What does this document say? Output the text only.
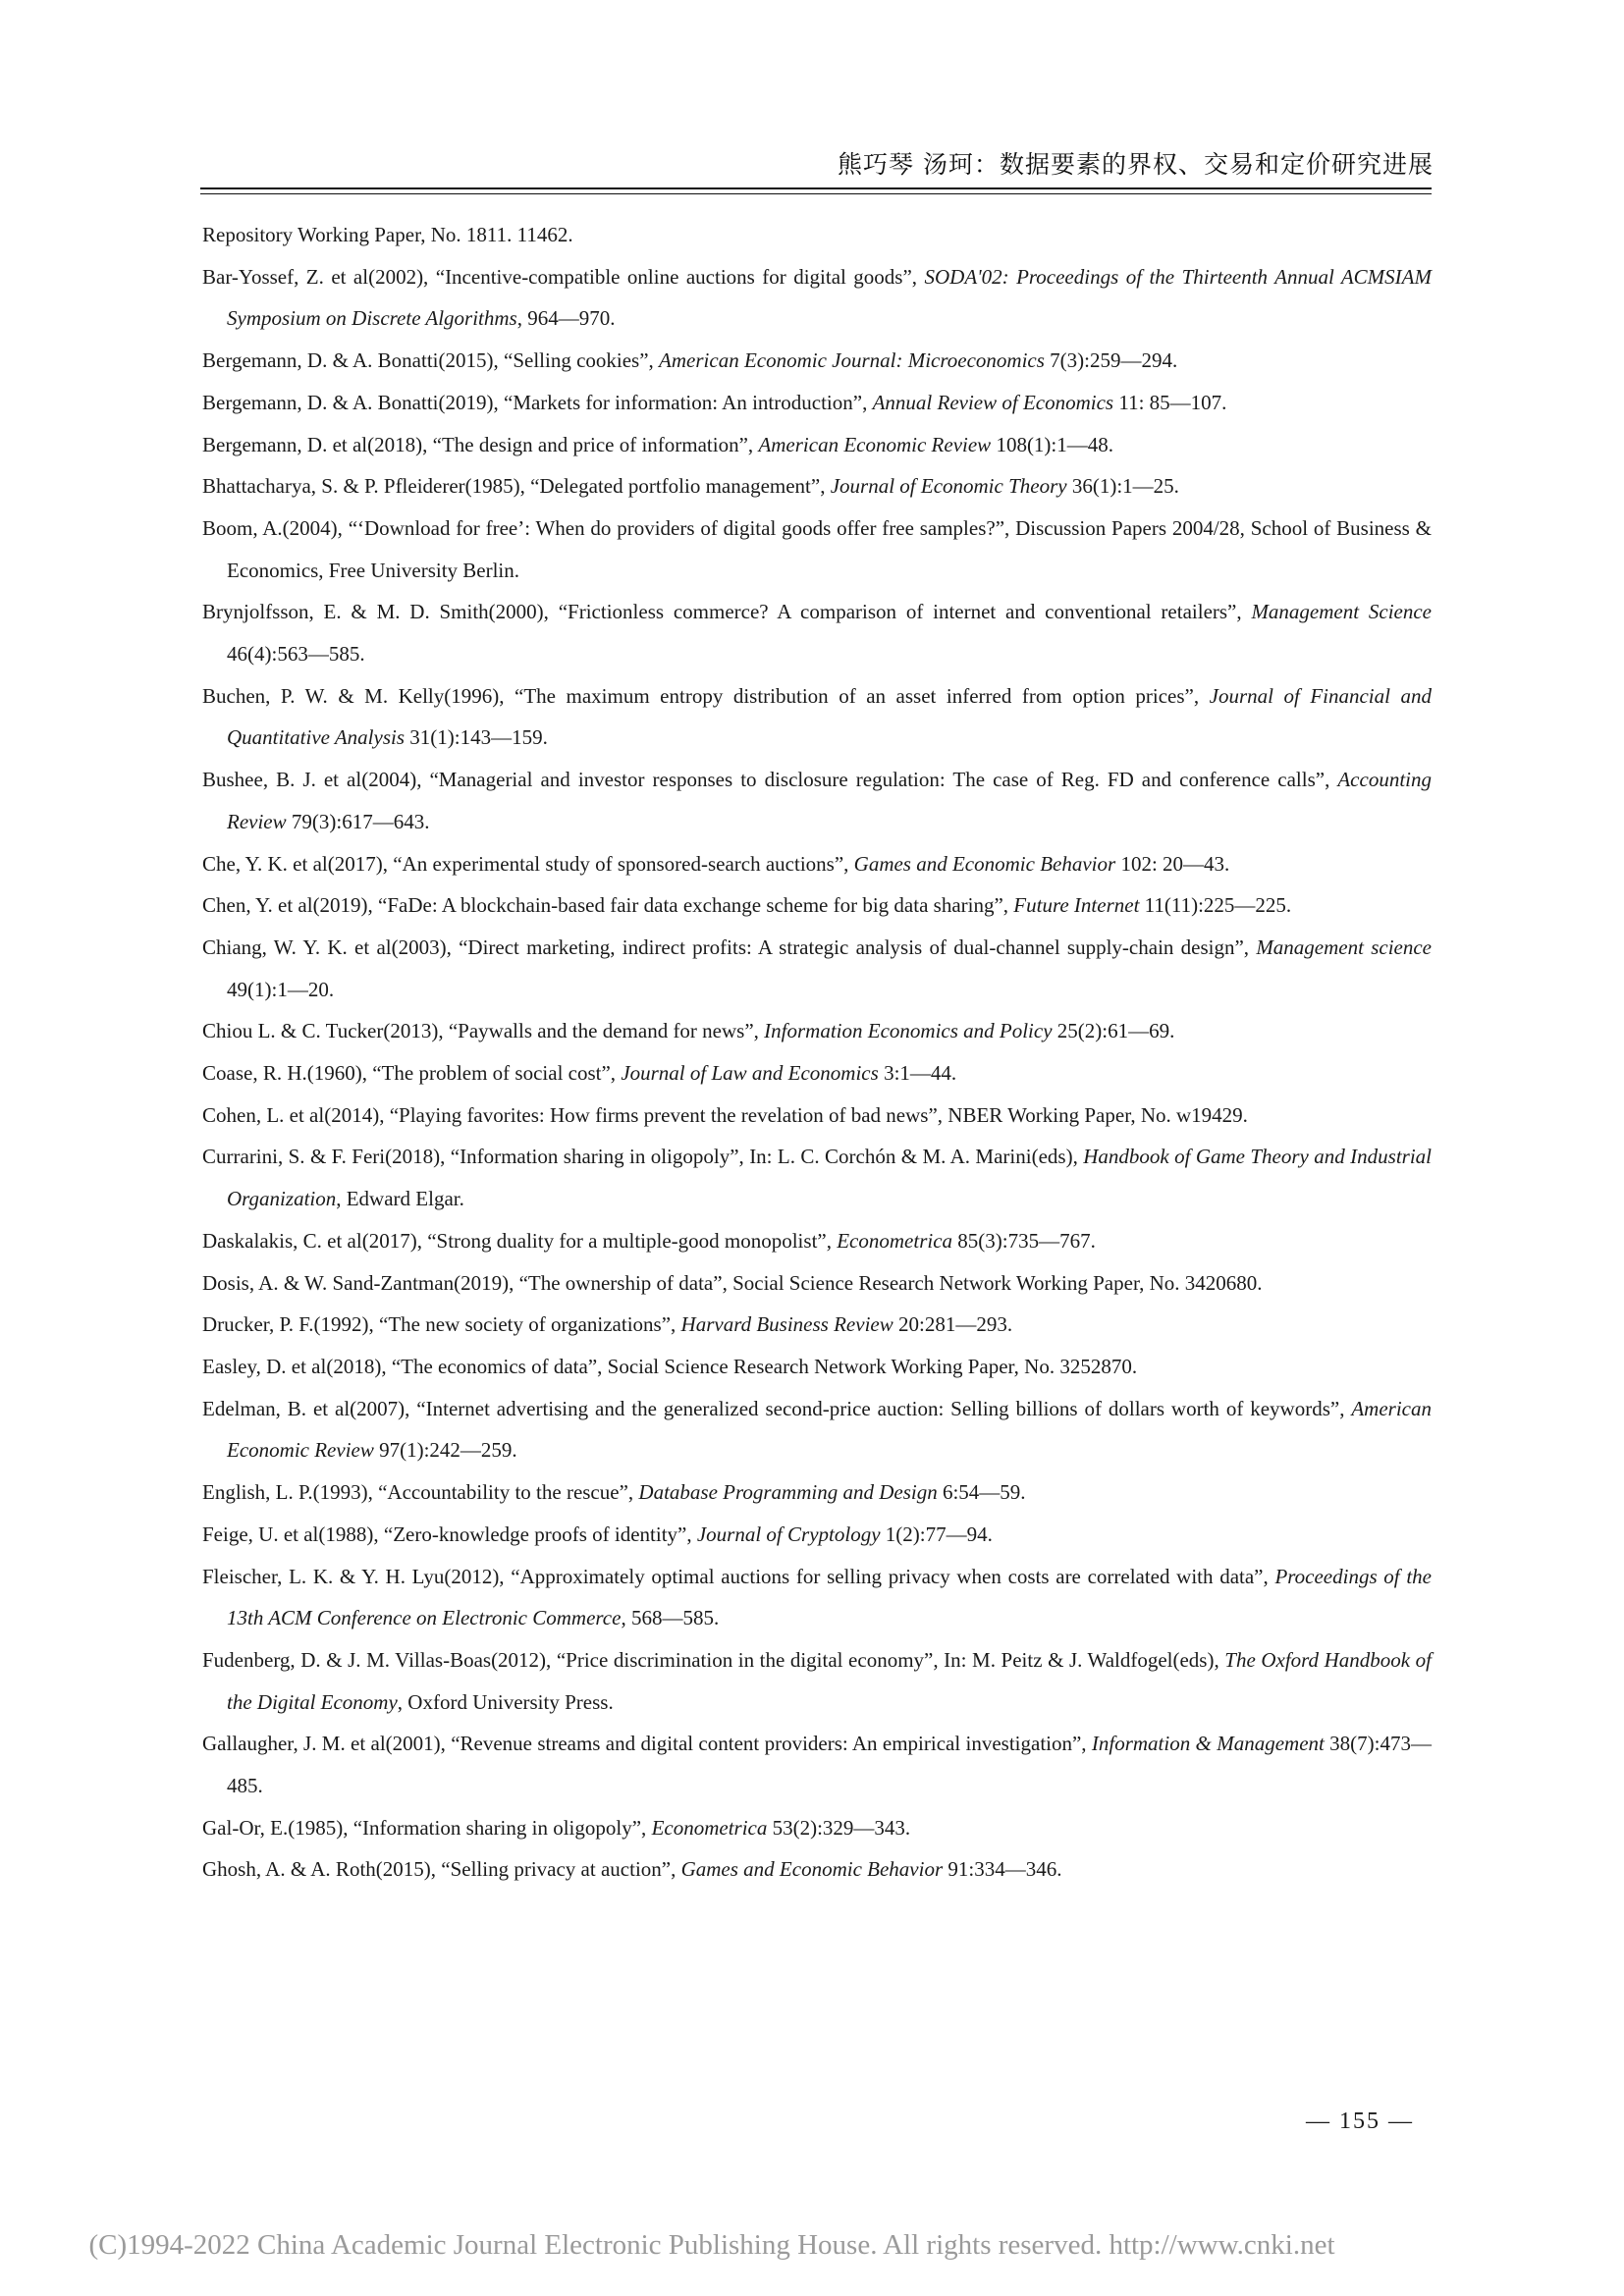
熊巧琴 汤珂：数据要素的界权、交易和定价研究进展

Repository Working Paper, No. 1811. 11462.

Bar-Yossef, Z. et al(2002), “Incentive-compatible online auctions for digital goods”, SODA'02: Proceedings of the Thirteenth Annual ACMSIAM Symposium on Discrete Algorithms, 964—970.

Bergemann, D. & A. Bonatti(2015), “Selling cookies”, American Economic Journal: Microeconomics 7(3):259—294.

Bergemann, D. & A. Bonatti(2019), “Markets for information: An introduction”, Annual Review of Economics 11: 85—107.

Bergemann, D. et al(2018), “The design and price of information”, American Economic Review 108(1):1—48.

Bhattacharya, S. & P. Pfleiderer(1985), “Delegated portfolio management”, Journal of Economic Theory 36(1):1—25.

Boom, A.(2004), “‘Download for free’: When do providers of digital goods offer free samples?”, Discussion Papers 2004/28, School of Business & Economics, Free University Berlin.

Brynjolfsson, E. & M. D. Smith(2000), “Frictionless commerce? A comparison of internet and conventional retailers”, Management Science 46(4):563—585.

Buchen, P. W. & M. Kelly(1996), “The maximum entropy distribution of an asset inferred from option prices”, Journal of Financial and Quantitative Analysis 31(1):143—159.

Bushee, B. J. et al(2004), “Managerial and investor responses to disclosure regulation: The case of Reg. FD and conference calls”, Accounting Review 79(3):617—643.

Che, Y. K. et al(2017), “An experimental study of sponsored-search auctions”, Games and Economic Behavior 102: 20—43.

Chen, Y. et al(2019), “FaDe: A blockchain-based fair data exchange scheme for big data sharing”, Future Internet 11(11):225—225.

Chiang, W. Y. K. et al(2003), “Direct marketing, indirect profits: A strategic analysis of dual-channel supply-chain design”, Management science 49(1):1—20.

Chiou L. & C. Tucker(2013), “Paywalls and the demand for news”, Information Economics and Policy 25(2):61—69.

Coase, R. H.(1960), “The problem of social cost”, Journal of Law and Economics 3:1—44.

Cohen, L. et al(2014), “Playing favorites: How firms prevent the revelation of bad news”, NBER Working Paper, No. w19429.

Currarini, S. & F. Feri(2018), “Information sharing in oligopoly”, In: L. C. Corchón & M. A. Marini(eds), Handbook of Game Theory and Industrial Organization, Edward Elgar.

Daskalakis, C. et al(2017), “Strong duality for a multiple-good monopolist”, Econometrica 85(3):735—767.

Dosis, A. & W. Sand-Zantman(2019), “The ownership of data”, Social Science Research Network Working Paper, No. 3420680.

Drucker, P. F.(1992), “The new society of organizations”, Harvard Business Review 20:281—293.

Easley, D. et al(2018), “The economics of data”, Social Science Research Network Working Paper, No. 3252870.

Edelman, B. et al(2007), “Internet advertising and the generalized second-price auction: Selling billions of dollars worth of keywords”, American Economic Review 97(1):242—259.

English, L. P.(1993), “Accountability to the rescue”, Database Programming and Design 6:54—59.

Feige, U. et al(1988), “Zero-knowledge proofs of identity”, Journal of Cryptology 1(2):77—94.

Fleischer, L. K. & Y. H. Lyu(2012), “Approximately optimal auctions for selling privacy when costs are correlated with data”, Proceedings of the 13th ACM Conference on Electronic Commerce, 568—585.

Fudenberg, D. & J. M. Villas-Boas(2012), “Price discrimination in the digital economy”, In: M. Peitz & J. Waldfogel(eds), The Oxford Handbook of the Digital Economy, Oxford University Press.

Gallaugher, J. M. et al(2001), “Revenue streams and digital content providers: An empirical investigation”, Information & Management 38(7):473—485.

Gal-Or, E.(1985), “Information sharing in oligopoly”, Econometrica 53(2):329—343.

Ghosh, A. & A. Roth(2015), “Selling privacy at auction”, Games and Economic Behavior 91:334—346.

— 155 —
(C)1994-2022 China Academic Journal Electronic Publishing House. All rights reserved. http://www.cnki.net
